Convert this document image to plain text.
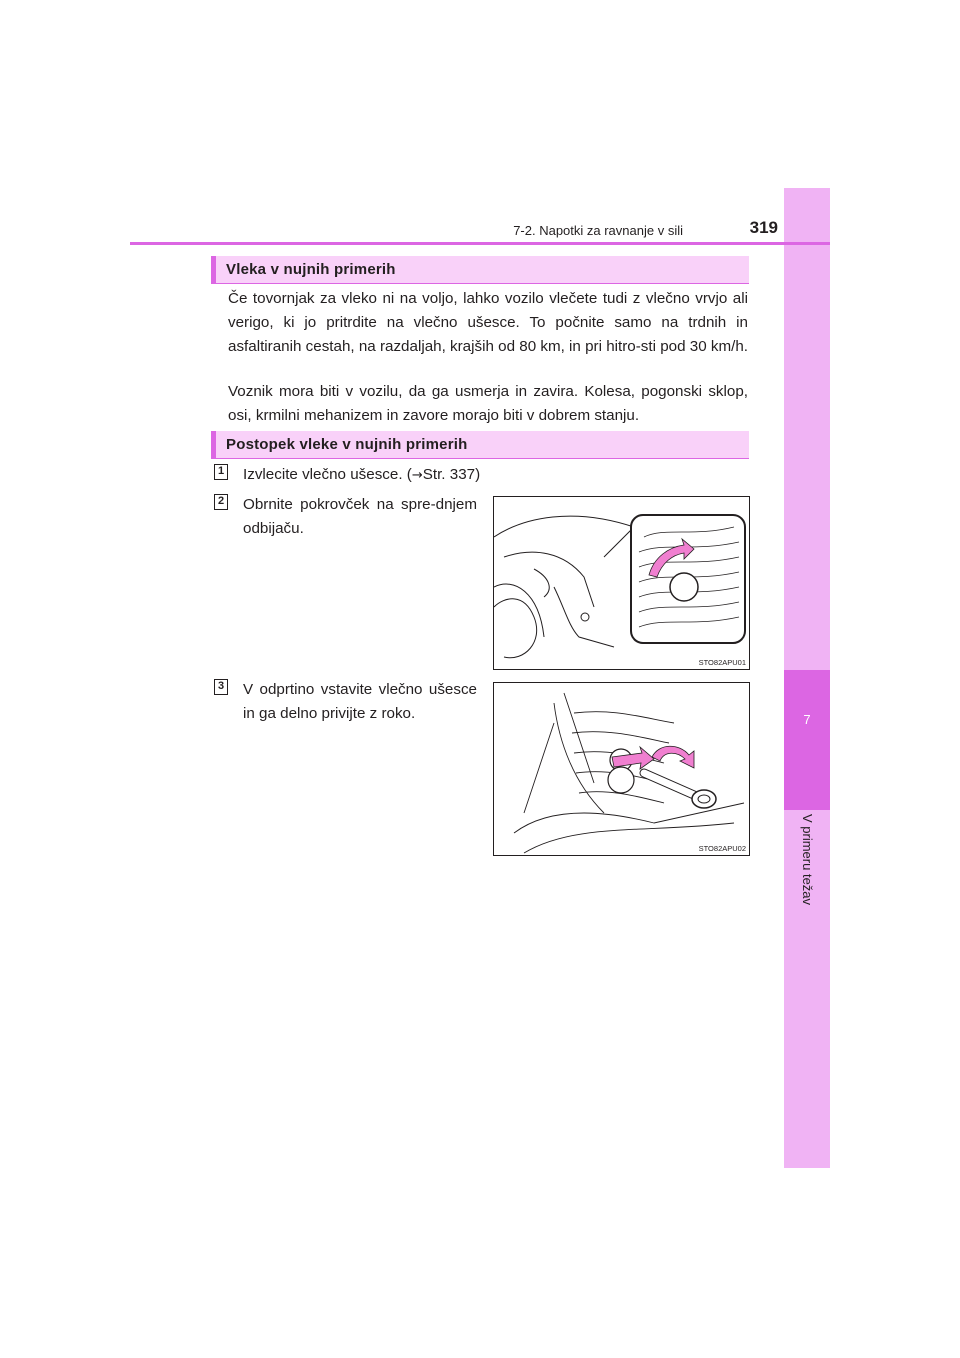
7
V primeru težav
7-2. Napotki za ravnanje v sili	319
Vleka v nujnih primerih

Če tovornjak za vleko ni na voljo, lahko vozilo vlečete tudi z vlečno vrvjo ali verigo, ki jo pritrdite na vlečno ušesce. To počnite samo na trdnih in asfaltiranih cestah, na razdaljah, krajših od 80 km, in pri hitro-sti pod 30 km/h.

Voznik mora biti v vozilu, da ga usmerja in zavira. Kolesa, pogonski sklop, osi, krmilni mehanizem in zavore morajo biti v dobrem stanju.

Postopek vleke v nujnih primerih
1 Izvlecite vlečno ušesce. (→Str. 337)

2 Obrnite pokrovček na spre-dnjem odbijaču.

STO82APU01
3 V odprtino vstavite vlečno ušesce in ga delno privijte z roko.

STO82APU02
